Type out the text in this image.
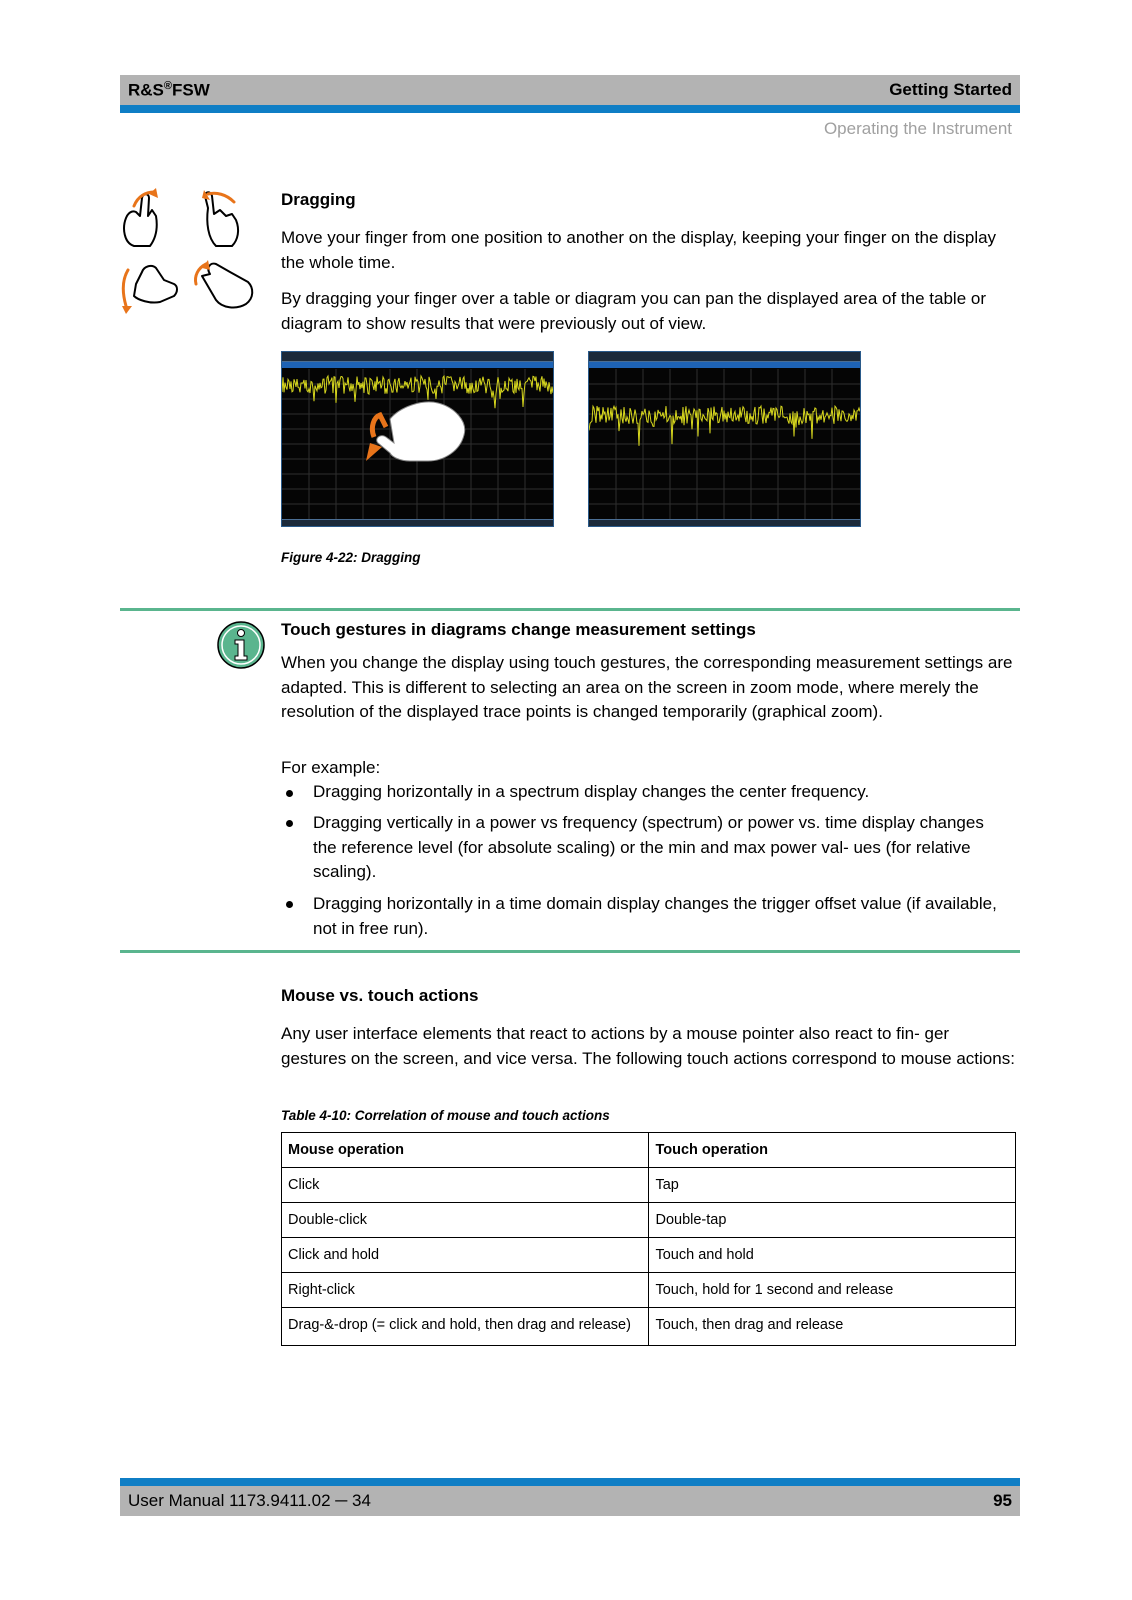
R&S®FSW	Getting Started
Operating the Instrument
Dragging
Move your finger from one position to another on the display, keeping your finger on the display the whole time.
By dragging your finger over a table or diagram you can pan the displayed area of the table or diagram to show results that were previously out of view.
Figure 4-22: Dragging
Touch gestures in diagrams change measurement settings
When you change the display using touch gestures, the corresponding measurement settings are adapted. This is different to selecting an area on the screen in zoom mode, where merely the resolution of the displayed trace points is changed temporarily (graphical zoom).
For example:
Dragging horizontally in a spectrum display changes the center frequency.
Dragging vertically in a power vs frequency (spectrum) or power vs. time display changes the reference level (for absolute scaling) or the min and max power val- ues (for relative scaling).
Dragging horizontally in a time domain display changes the trigger offset value (if available, not in free run).
Mouse vs. touch actions
Any user interface elements that react to actions by a mouse pointer also react to fin- ger gestures on the screen, and vice versa. The following touch actions correspond to mouse actions:
Table 4-10: Correlation of mouse and touch actions
Mouse operation	Touch operation
Click	Tap
Double-click	Double-tap
Click and hold	Touch and hold
Right-click	Touch, hold for 1 second and release
Drag-&-drop (= click and hold, then drag and release)	Touch, then drag and release
User Manual 1173.9411.02 ─ 34	95
